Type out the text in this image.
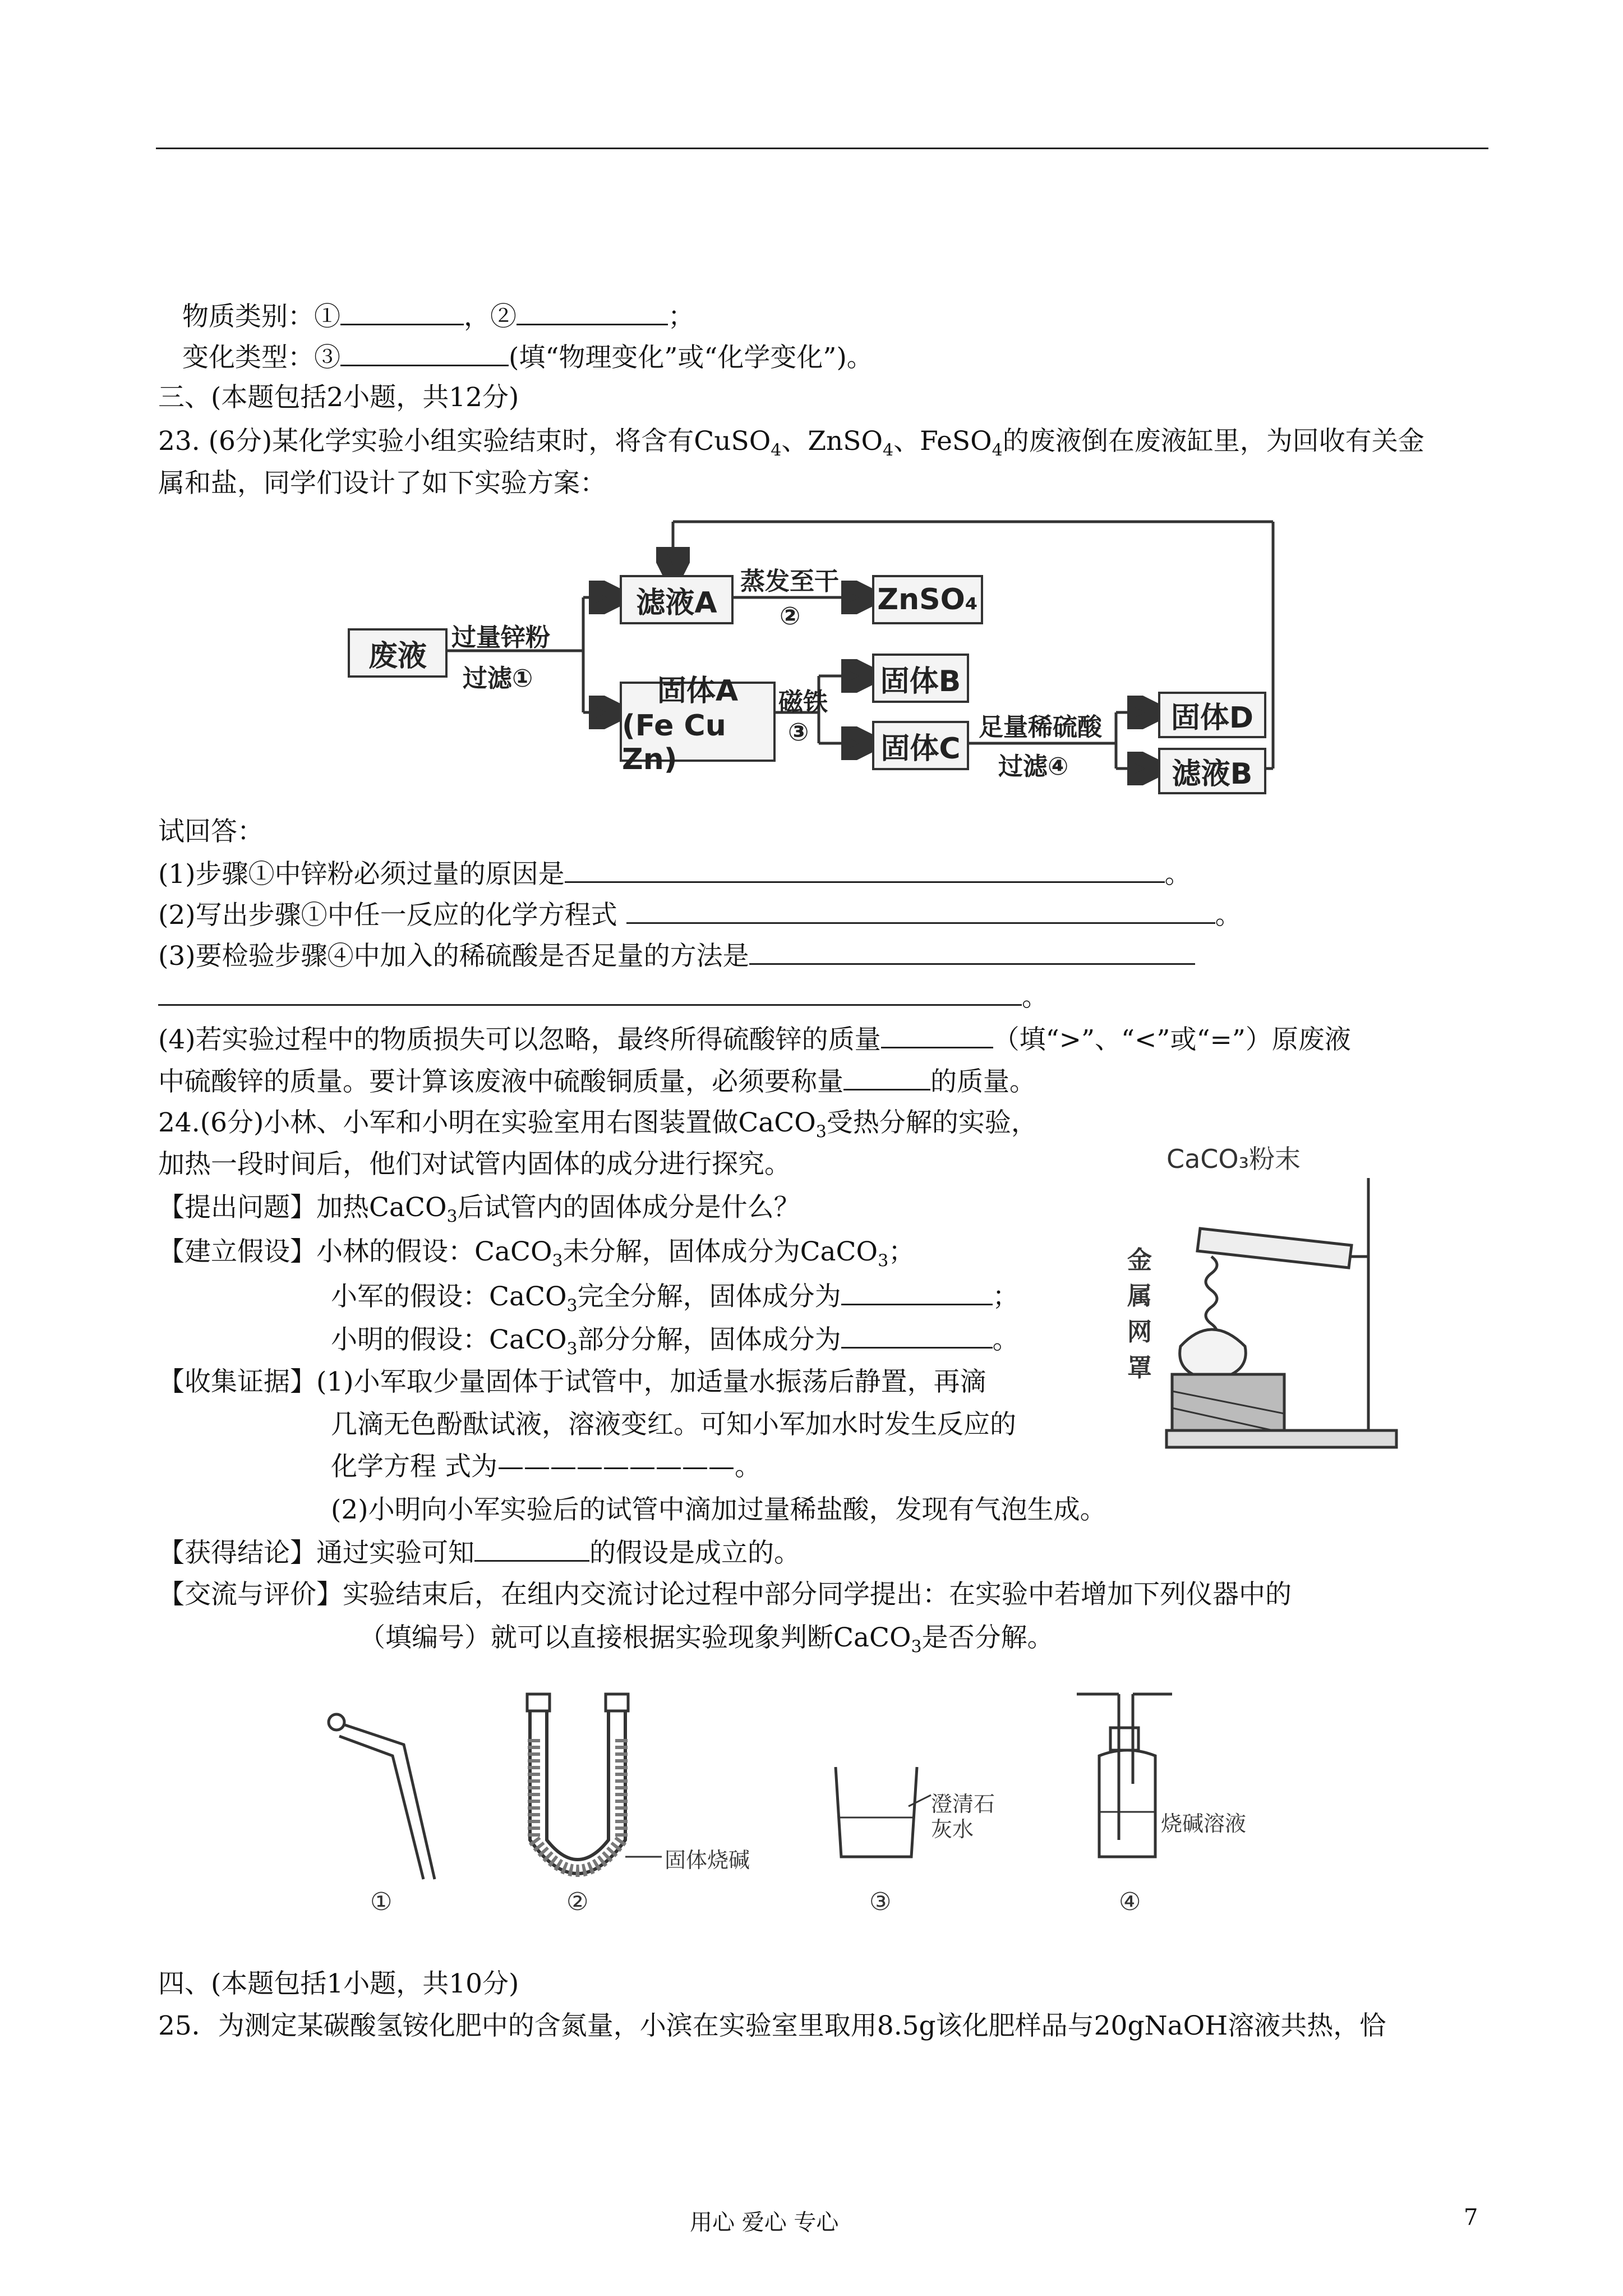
物质类别：①	，②	；
变化类型：③	(填“物理变化”或“化学变化”)。
三、(本题包括2小题，共12分)
23. (6分)某化学实验小组实验结束时，将含有CuSO$_4$、ZnSO$_4$、FeSO$_4$的废液倒在废液缸里，为回收有关金
属和盐，同学们设计了如下实验方案：
废液
过量锌粉
过滤①
滤液A
蒸发至干
②	ZnSO₄
固体A
(Fe Cu Zn)
磁铁
③
固体B
固体C
足量稀硫酸
过滤④
固体D
滤液B
试回答：
(1)步骤①中锌粉必须过量的原因是	。
(2)写出步骤①中任一反应的化学方程式	。
(3)要检验步骤④中加入的稀硫酸是否足量的方法是
。
(4)若实验过程中的物质损失可以忽略，最终所得硫酸锌的质量	（填“>”、“<”或“=”）原废液
中硫酸锌的质量。要计算该废液中硫酸铜质量，必须要称量	的质量。
24.(6分)小林、小军和小明在实验室用右图装置做CaCO$_3$受热分解的实验，
加热一段时间后，他们对试管内固体的成分进行探究。
【提出问题】加热CaCO$_3$后试管内的固体成分是什么？
【建立假设】小林的假设：CaCO$_3$未分解，固体成分为CaCO$_3$；
小军的假设：CaCO$_3$完全分解，固体成分为	；
小明的假设：CaCO$_3$部分分解，固体成分为	。
【收集证据】(1)小军取少量固体于试管中，加适量水振荡后静置，再滴
几滴无色酚酞试液，溶液变红。可知小军加水时发生反应的
化学方程 式为—————————。
(2)小明向小军实验后的试管中滴加过量稀盐酸，发现有气泡生成。
【获得结论】通过实验可知	的假设是成立的。
【交流与评价】实验结束后，在组内交流讨论过程中部分同学提出：在实验中若增加下列仪器中的
（填编号）就可以直接根据实验现象判断CaCO$_3$是否分解。
CaCO₃粉末
金
属
网
罩
固体烧碱
澄清石
灰水	烧碱溶液
①	②	③	④
四、(本题包括1小题，共10分)
25．为测定某碳酸氢铵化肥中的含氮量，小滨在实验室里取用8.5g该化肥样品与20gNaOH溶液共热，恰
用心 爱心 专心	7
